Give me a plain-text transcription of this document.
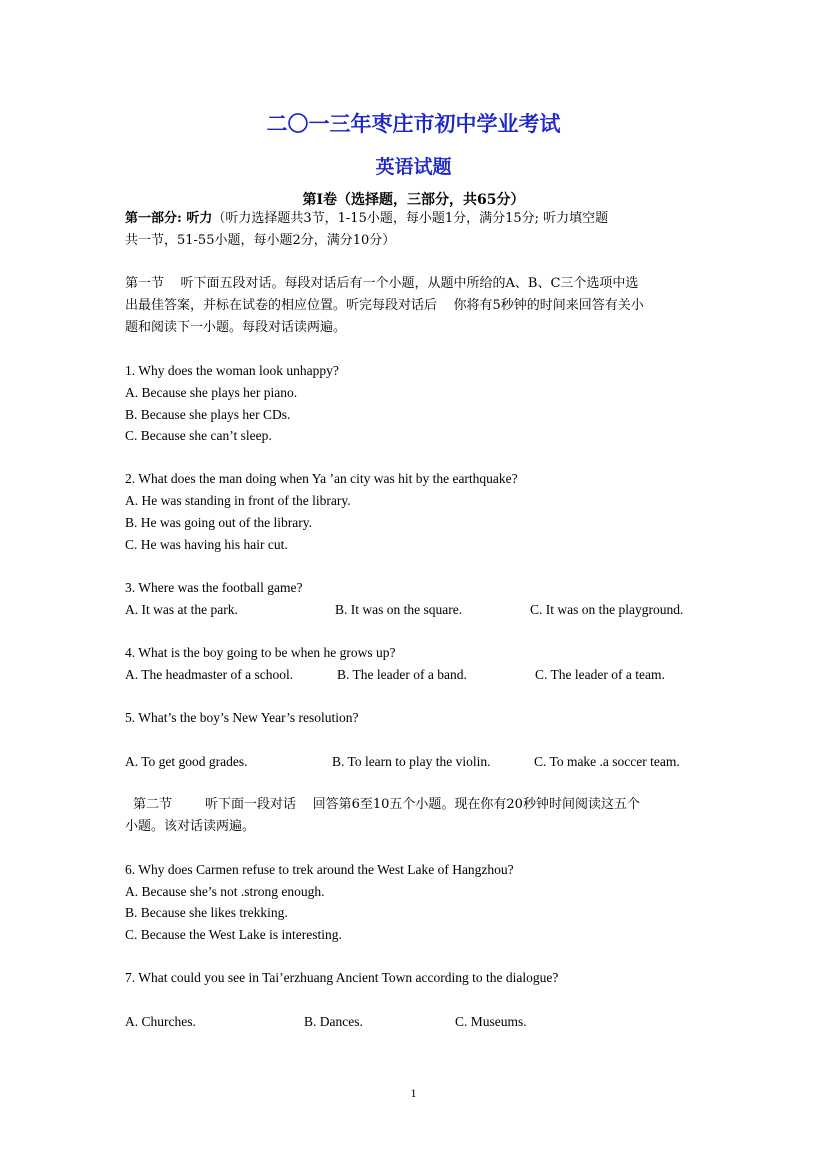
二〇一三年枣庄市初中学业考试
英语试题
第Ⅰ卷（选择题，三部分，共65分）
第一部分: 听力（听力选择题共3节，1-15小题，每小题1分，满分15分; 听力填空题
共一节，51-55小题，每小题2分，满分10分）
第一节    听下面五段对话。每段对话后有一个小题，从题中所给的A、B、C三个选项中选
出最佳答案，并标在试卷的相应位置。听完每段对话后    你将有5秒钟的时间来回答有关小
题和阅读下一小题。每段对话读两遍。
1. Why does the woman look unhappy?
A. Because she plays her piano.
B. Because she plays her CDs.
C. Because she can’t sleep.
2. What does the man doing when Ya ’an city was hit by the earthquake?
A. He was standing in front of the library.
B. He was going out of the library.
C. He was having his hair cut.
3. Where was the football game?
A. It was at the park.	B. It was on the square.	C. It was on the playground.
4. What is the boy going to be when he grows up?
A. The headmaster of a school.	B. The leader of a band.	C. The leader of a team.
5. What’s the boy’s New Year’s resolution?
A. To get good grades.	B. To learn to play the violin.	C. To make .a soccer team.
第二节        听下面一段对话    回答第6至10五个小题。现在你有20秒钟时间阅读这五个
小题。该对话读两遍。
6. Why does Carmen refuse to trek around the West Lake of Hangzhou?
A. Because she’s not .strong enough.
B. Because she likes trekking.
C. Because the West Lake is interesting.
7. What could you see in Tai’erzhuang Ancient Town according to the dialogue?
A. Churches.	B. Dances.	C. Museums.
1
